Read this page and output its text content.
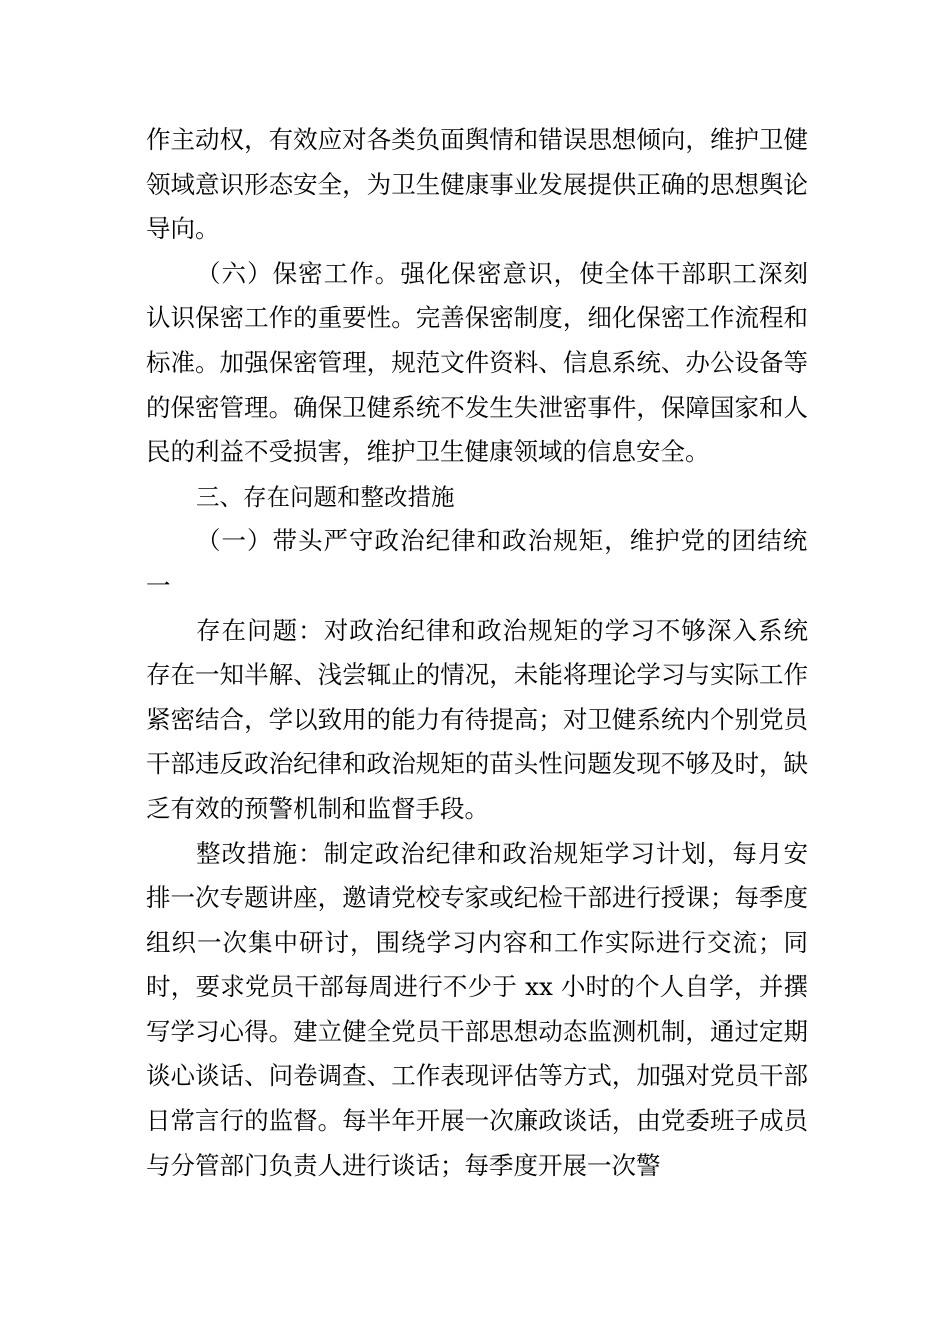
作主动权，有效应对各类负面舆情和错误思想倾向，维护卫健领域意识形态安全，为卫生健康事业发展提供正确的思想舆论导向。

（六）保密工作。强化保密意识，使全体干部职工深刻认识保密工作的重要性。完善保密制度，细化保密工作流程和标准。加强保密管理，规范文件资料、信息系统、办公设备等的保密管理。确保卫健系统不发生失泄密事件，保障国家和人民的利益不受损害，维护卫生健康领域的信息安全。

三、存在问题和整改措施

（一）带头严守政治纪律和政治规矩，维护党的团结统一

存在问题：对政治纪律和政治规矩的学习不够深入系统存在一知半解、浅尝辄止的情况，未能将理论学习与实际工作紧密结合，学以致用的能力有待提高；对卫健系统内个别党员干部违反政治纪律和政治规矩的苗头性问题发现不够及时，缺乏有效的预警机制和监督手段。

整改措施：制定政治纪律和政治规矩学习计划，每月安排一次专题讲座，邀请党校专家或纪检干部进行授课；每季度组织一次集中研讨，围绕学习内容和工作实际进行交流；同时，要求党员干部每周进行不少于 xx 小时的个人自学，并撰写学习心得。建立健全党员干部思想动态监测机制，通过定期谈心谈话、问卷调查、工作表现评估等方式，加强对党员干部日常言行的监督。每半年开展一次廉政谈话，由党委班子成员与分管部门负责人进行谈话；每季度开展一次警
